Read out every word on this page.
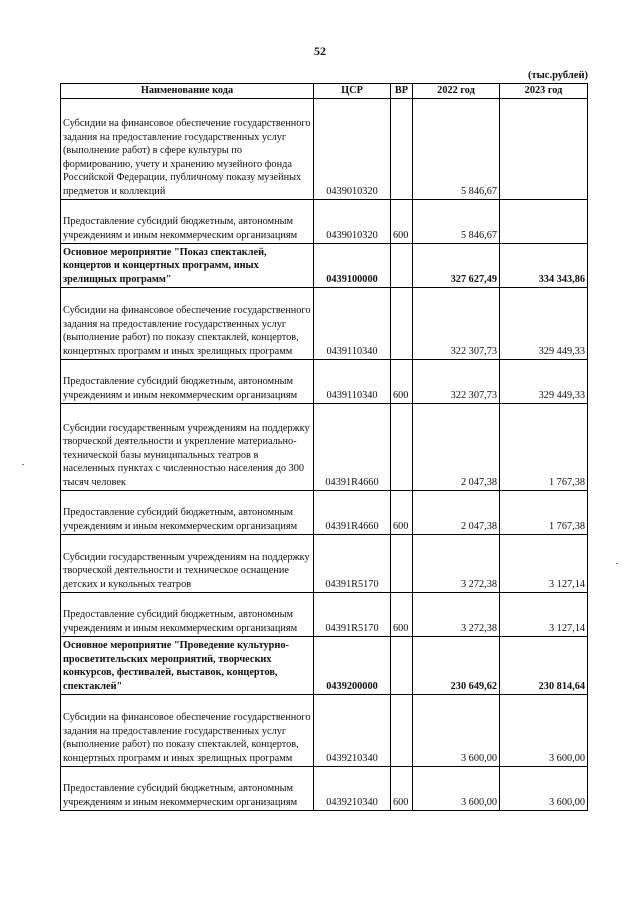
52
(тыс.рублей)
Наименование кода	ЦСР	ВР	2022 год	2023 год
Субсидии на финансовое обеспечение государственного задания на предоставление государственных услуг (выполнение работ) в сфере культуры по формированию, учету и хранению музейного фонда Российской Федерации, публичному показу музейных предметов и коллекций	0439010320		5 846,67	
Предоставление субсидий бюджетным, автономным учреждениям и иным некоммерческим организациям	0439010320	600	5 846,67	
Основное мероприятие "Показ спектаклей, концертов и концертных программ, иных зрелищных программ"	0439100000		327 627,49	334 343,86
Субсидии на финансовое обеспечение государственного задания на предоставление государственных услуг (выполнение работ) по показу спектаклей, концертов, концертных программ и иных зрелищных программ	0439110340		322 307,73	329 449,33
Предоставление субсидий бюджетным, автономным учреждениям и иным некоммерческим организациям	0439110340	600	322 307,73	329 449,33
Субсидии государственным учреждениям на поддержку творческой деятельности и укрепление материально-технической базы муниципальных театров в населенных пунктах с численностью населения до 300 тысяч человек	04391R4660		2 047,38	1 767,38
Предоставление субсидий бюджетным, автономным учреждениям и иным некоммерческим организациям	04391R4660	600	2 047,38	1 767,38
Субсидии государственным учреждениям на поддержку творческой деятельности и техническое оснащение детских и кукольных театров	04391R5170		3 272,38	3 127,14
Предоставление субсидий бюджетным, автономным учреждениям и иным некоммерческим организациям	04391R5170	600	3 272,38	3 127,14
Основное мероприятие "Проведение культурно-просветительских мероприятий, творческих конкурсов, фестивалей, выставок, концертов, спектаклей"	0439200000		230 649,62	230 814,64
Субсидии на финансовое обеспечение государственного задания на предоставление государственных услуг (выполнение работ) по показу спектаклей, концертов, концертных программ и иных зрелищных программ	0439210340		3 600,00	3 600,00
Предоставление субсидий бюджетным, автономным учреждениям и иным некоммерческим организациям	0439210340	600	3 600,00	3 600,00
